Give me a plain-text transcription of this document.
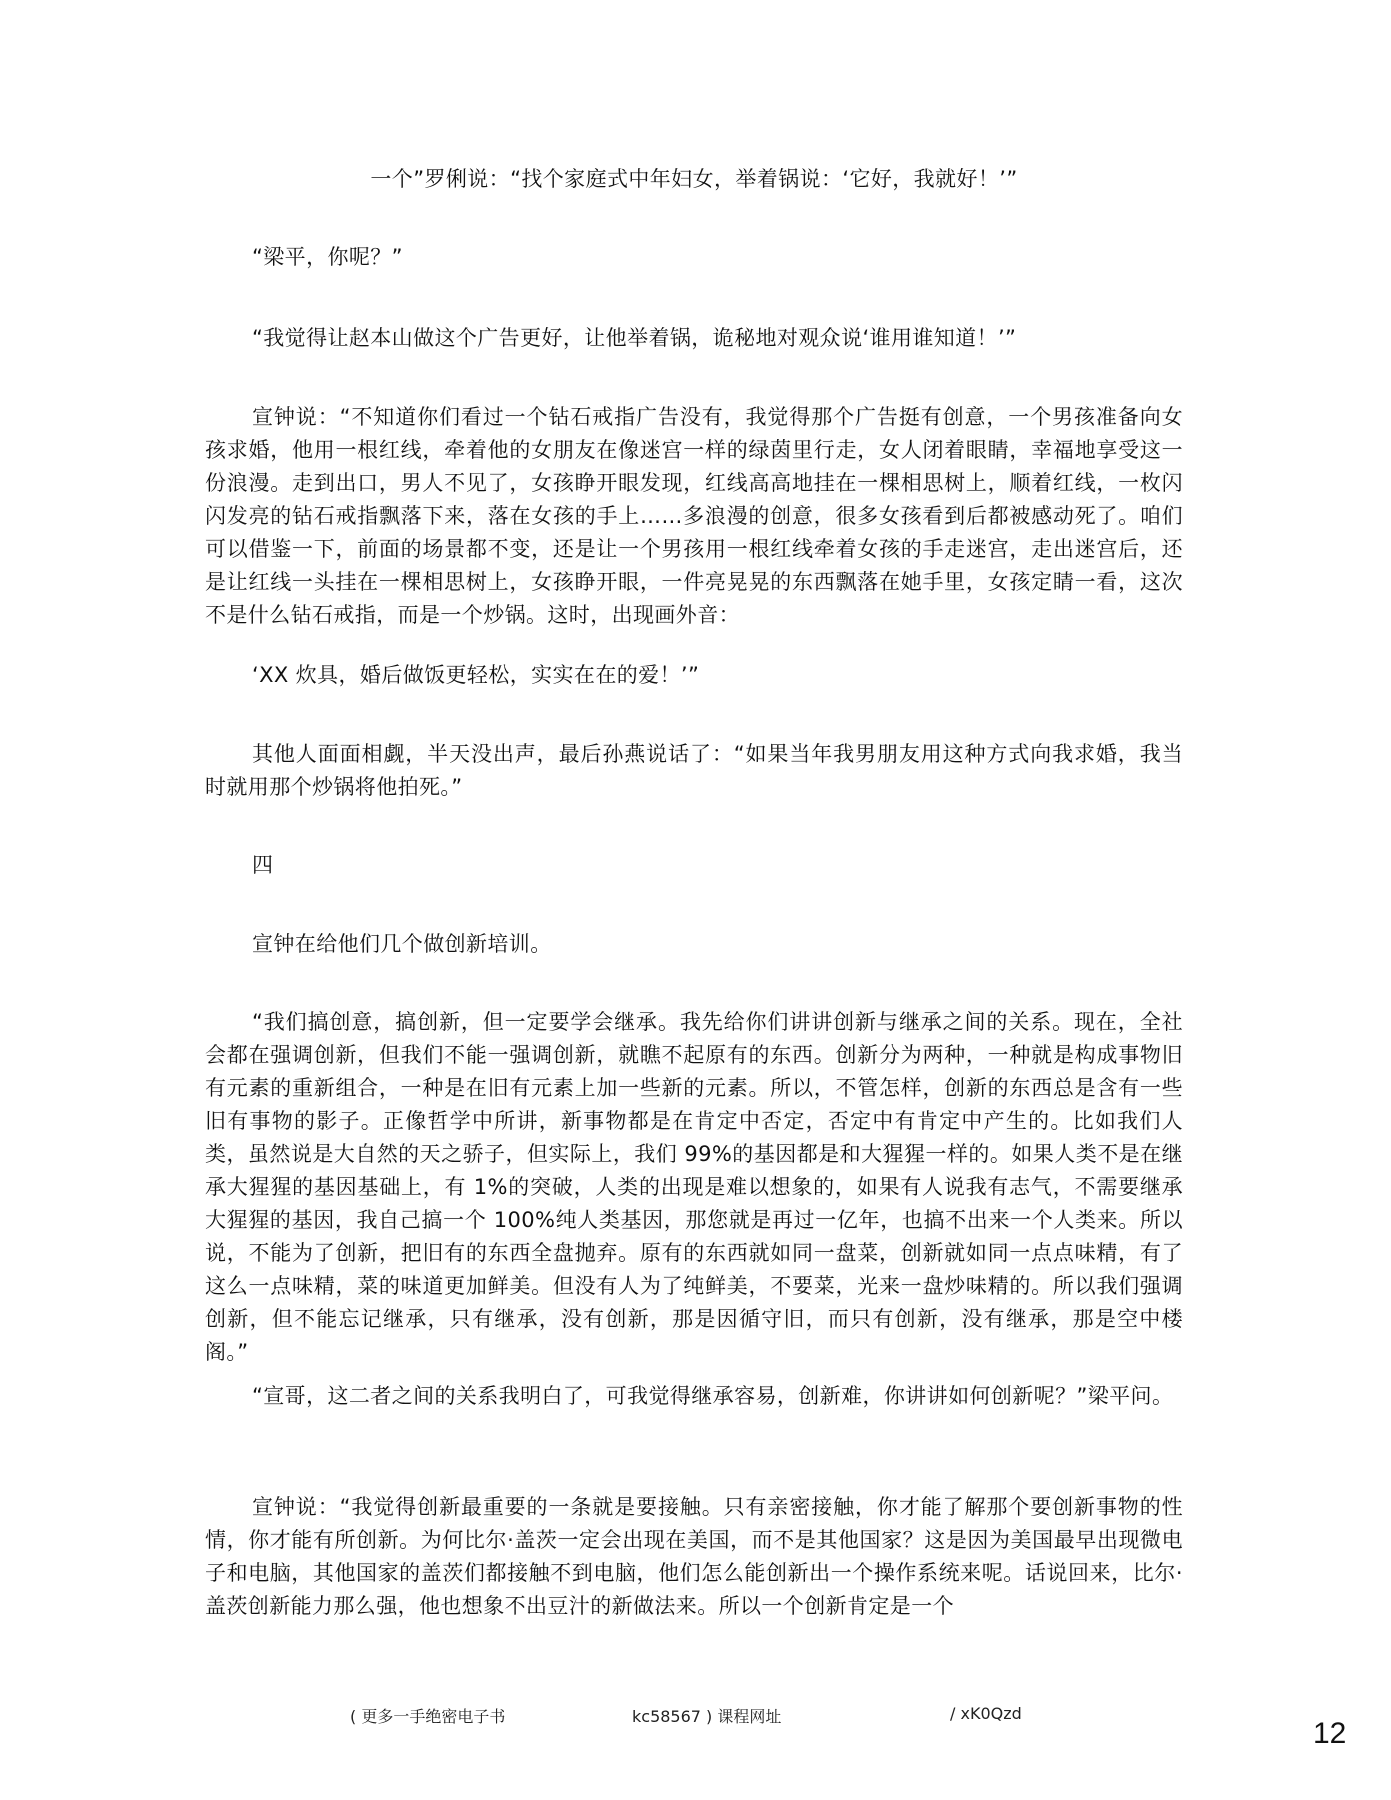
一个”罗俐说：“找个家庭式中年妇女，举着锅说：‘它好，我就好！’”

“梁平，你呢？”

“我觉得让赵本山做这个广告更好，让他举着锅，诡秘地对观众说‘谁用谁知道！’”

宣钟说：“不知道你们看过一个钻石戒指广告没有，我觉得那个广告挺有创意，一个男孩准备向女孩求婚，他用一根红线，牵着他的女朋友在像迷宫一样的绿茵里行走，女人闭着眼睛，幸福地享受这一份浪漫。走到出口，男人不见了，女孩睁开眼发现，红线高高地挂在一棵相思树上，顺着红线，一枚闪闪发亮的钻石戒指飘落下来，落在女孩的手上……多浪漫的创意，很多女孩看到后都被感动死了。咱们可以借鉴一下，前面的场景都不变，还是让一个男孩用一根红线牵着女孩的手走迷宫，走出迷宫后，还是让红线一头挂在一棵相思树上，女孩睁开眼，一件亮晃晃的东西飘落在她手里，女孩定睛一看，这次不是什么钻石戒指，而是一个炒锅。这时，出现画外音：

‘XX 炊具，婚后做饭更轻松，实实在在的爱！’”

其他人面面相觑，半天没出声，最后孙燕说话了：“如果当年我男朋友用这种方式向我求婚，我当时就用那个炒锅将他拍死。”

四

宣钟在给他们几个做创新培训。

“我们搞创意，搞创新，但一定要学会继承。我先给你们讲讲创新与继承之间的关系。现在，全社会都在强调创新，但我们不能一强调创新，就瞧不起原有的东西。创新分为两种，一种就是构成事物旧有元素的重新组合，一种是在旧有元素上加一些新的元素。所以，不管怎样，创新的东西总是含有一些旧有事物的影子。正像哲学中所讲，新事物都是在肯定中否定，否定中有肯定中产生的。比如我们人类，虽然说是大自然的天之骄子，但实际上，我们 99%的基因都是和大猩猩一样的。如果人类不是在继承大猩猩的基因基础上，有 1%的突破，人类的出现是难以想象的，如果有人说我有志气，不需要继承大猩猩的基因，我自己搞一个 100%纯人类基因，那您就是再过一亿年，也搞不出来一个人类来。所以说，不能为了创新，把旧有的东西全盘抛弃。原有的东西就如同一盘菜，创新就如同一点点味精，有了这么一点味精，菜的味道更加鲜美。但没有人为了纯鲜美，不要菜，光来一盘炒味精的。所以我们强调创新，但不能忘记继承，只有继承，没有创新，那是因循守旧，而只有创新，没有继承，那是空中楼阁。”

“宣哥，这二者之间的关系我明白了，可我觉得继承容易，创新难，你讲讲如何创新呢？”梁平问。

宣钟说：“我觉得创新最重要的一条就是要接触。只有亲密接触，你才能了解那个要创新事物的性情，你才能有所创新。为何比尔·盖茨一定会出现在美国，而不是其他国家？这是因为美国最早出现微电子和电脑，其他国家的盖茨们都接触不到电脑，他们怎么能创新出一个操作系统来呢。话说回来，比尔·盖茨创新能力那么强，他也想象不出豆汁的新做法来。所以一个创新肯定是一个

( 更多一手绝密电子书	kc58567 ) 课程网址	/ xK0Qzd
12
